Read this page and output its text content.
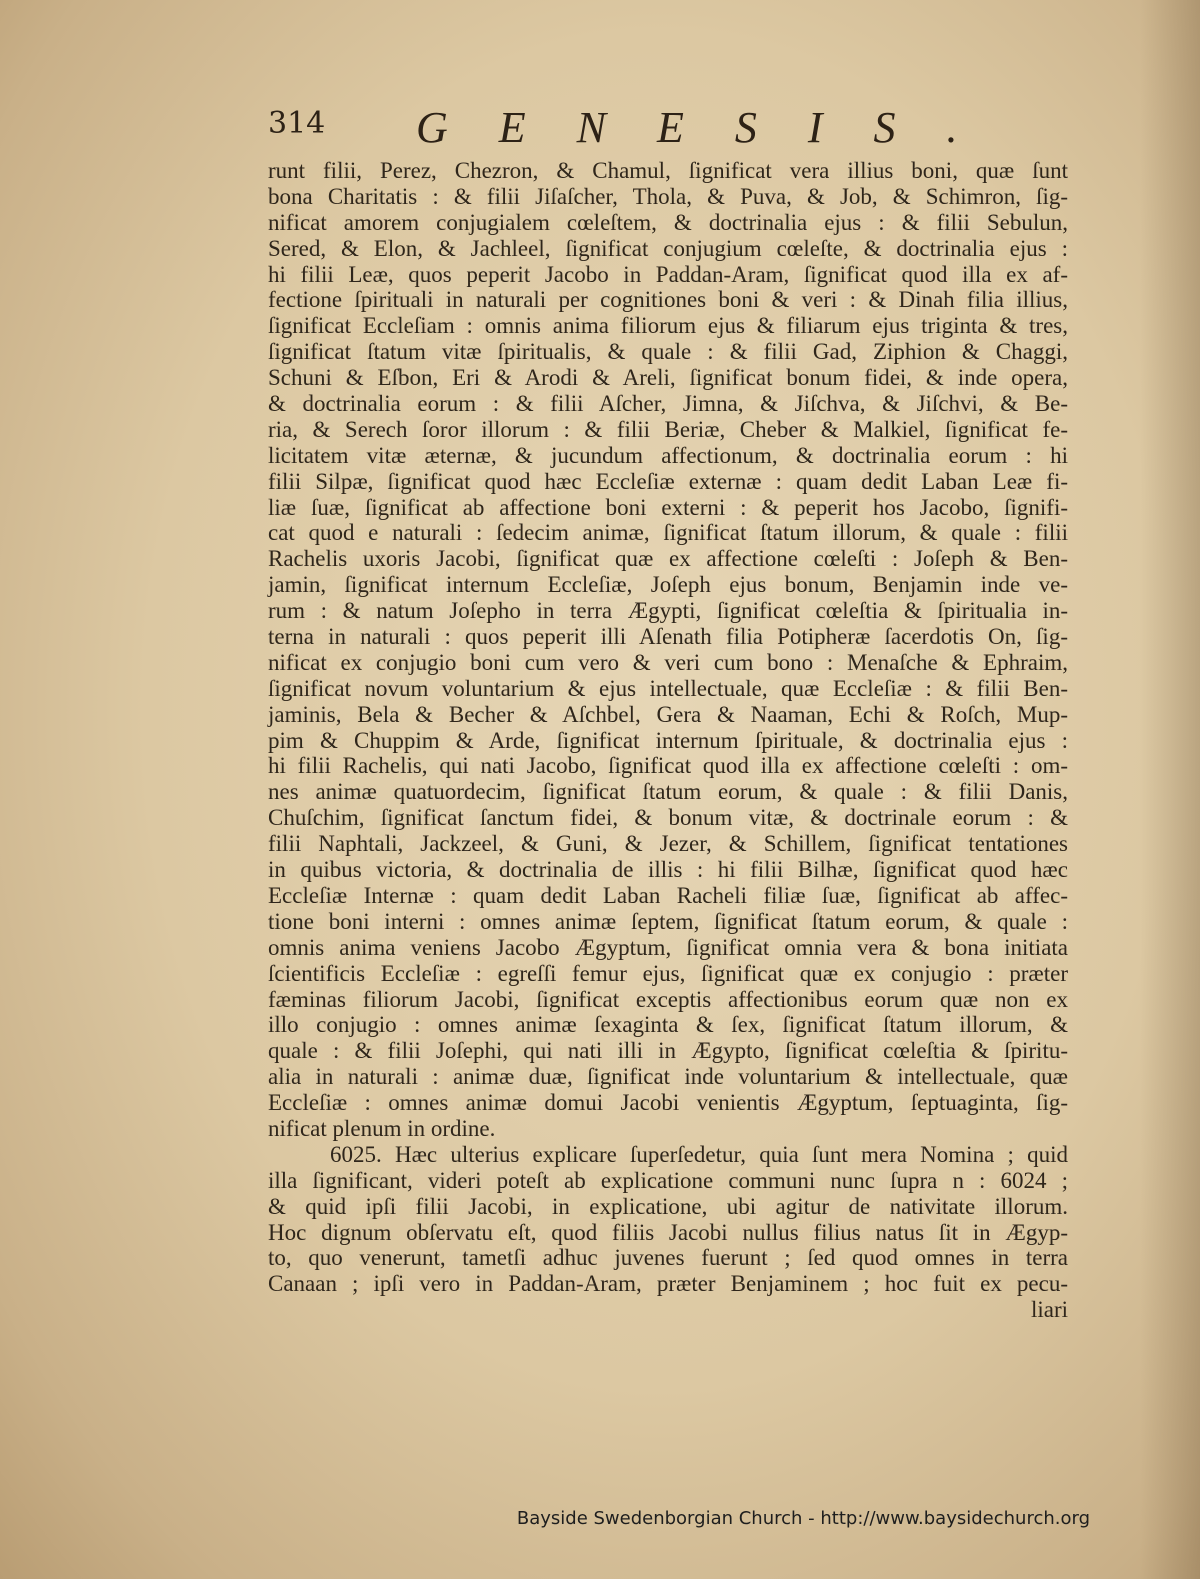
314 GENESIS.
runt filii, Perez, Chezron, & Chamul, ſignificat vera illius boni, quæ ſunt
bona Charitatis : & filii Jiſaſcher, Thola, & Puva, & Job, & Schimron, ſig-
nificat amorem conjugialem cœleſtem, & doctrinalia ejus : & filii Sebulun,
Sered, & Elon, & Jachleel, ſignificat conjugium cœleſte, & doctrinalia ejus :
hi filii Leæ, quos peperit Jacobo in Paddan-Aram, ſignificat quod illa ex af-
fectione ſpirituali in naturali per cognitiones boni & veri : & Dinah filia illius,
ſignificat Eccleſiam : omnis anima filiorum ejus & filiarum ejus triginta & tres,
ſignificat ſtatum vitæ ſpiritualis, & quale : & filii Gad, Ziphion & Chaggi,
Schuni & Eſbon, Eri & Arodi & Areli, ſignificat bonum fidei, & inde opera,
& doctrinalia eorum : & filii Aſcher, Jimna, & Jiſchva, & Jiſchvi, & Be-
ria, & Serech ſoror illorum : & filii Beriæ, Cheber & Malkiel, ſignificat fe-
licitatem vitæ æternæ, & jucundum affectionum, & doctrinalia eorum : hi
filii Silpæ, ſignificat quod hæc Eccleſiæ externæ : quam dedit Laban Leæ fi-
liæ ſuæ, ſignificat ab affectione boni externi : & peperit hos Jacobo, ſignifi-
cat quod e naturali : ſedecim animæ, ſignificat ſtatum illorum, & quale : filii
Rachelis uxoris Jacobi, ſignificat quæ ex affectione cœleſti : Joſeph & Ben-
jamin, ſignificat internum Eccleſiæ, Joſeph ejus bonum, Benjamin inde ve-
rum : & natum Joſepho in terra Ægypti, ſignificat cœleſtia & ſpiritualia in-
terna in naturali : quos peperit illi Aſenath filia Potipheræ ſacerdotis On, ſig-
nificat ex conjugio boni cum vero & veri cum bono : Menaſche & Ephraim,
ſignificat novum voluntarium & ejus intellectuale, quæ Eccleſiæ : & filii Ben-
jaminis, Bela & Becher & Aſchbel, Gera & Naaman, Echi & Roſch, Mup-
pim & Chuppim & Arde, ſignificat internum ſpirituale, & doctrinalia ejus :
hi filii Rachelis, qui nati Jacobo, ſignificat quod illa ex affectione cœleſti : om-
nes animæ quatuordecim, ſignificat ſtatum eorum, & quale : & filii Danis,
Chuſchim, ſignificat ſanctum fidei, & bonum vitæ, & doctrinale eorum : &
filii Naphtali, Jackzeel, & Guni, & Jezer, & Schillem, ſignificat tentationes
in quibus victoria, & doctrinalia de illis : hi filii Bilhæ, ſignificat quod hæc
Eccleſiæ Internæ : quam dedit Laban Racheli filiæ ſuæ, ſignificat ab affec-
tione boni interni : omnes animæ ſeptem, ſignificat ſtatum eorum, & quale :
omnis anima veniens Jacobo Ægyptum, ſignificat omnia vera & bona initiata
ſcientificis Eccleſiæ : egreſſi femur ejus, ſignificat quæ ex conjugio : præter
fæminas filiorum Jacobi, ſignificat exceptis affectionibus eorum quæ non ex
illo conjugio : omnes animæ ſexaginta & ſex, ſignificat ſtatum illorum, &
quale : & filii Joſephi, qui nati illi in Ægypto, ſignificat cœleſtia & ſpiritu-
alia in naturali : animæ duæ, ſignificat inde voluntarium & intellectuale, quæ
Eccleſiæ : omnes animæ domui Jacobi venientis Ægyptum, ſeptuaginta, ſig-
nificat plenum in ordine.
6025. Hæc ulterius explicare ſuperſedetur, quia ſunt mera Nomina ; quid
illa ſignificant, videri poteſt ab explicatione communi nunc ſupra n : 6024 ;
& quid ipſi filii Jacobi, in explicatione, ubi agitur de nativitate illorum.
Hoc dignum obſervatu eſt, quod filiis Jacobi nullus filius natus ſit in Ægyp-
to, quo venerunt, tametſi adhuc juvenes fuerunt ; ſed quod omnes in terra
Canaan ; ipſi vero in Paddan-Aram, præter Benjaminem ; hoc fuit ex pecu-
liari
Bayside Swedenborgian Church - http://www.baysidechurch.org
